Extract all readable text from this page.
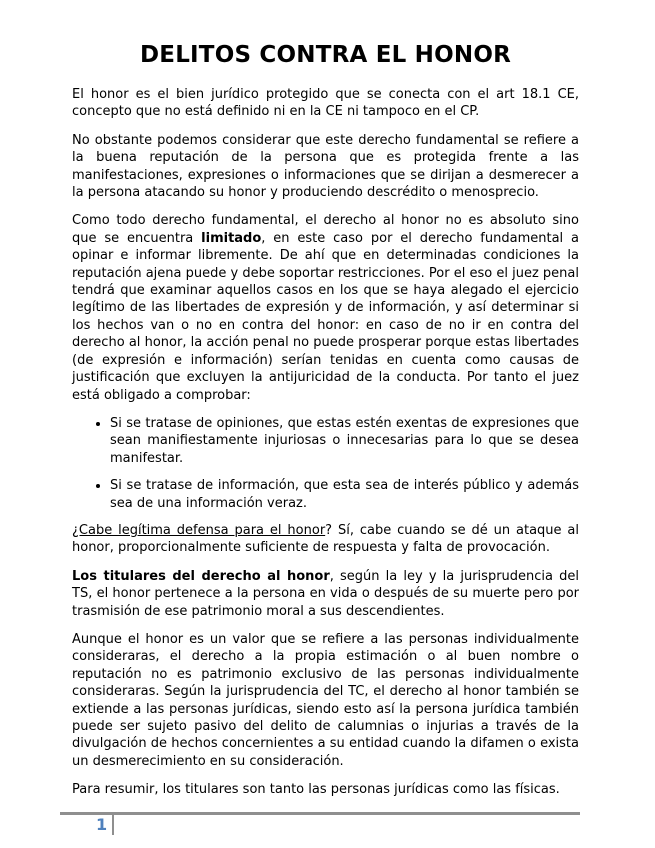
DELITOS CONTRA EL HONOR

El honor es el bien jurídico protegido que se conecta con el art 18.1 CE, concepto que no está definido ni en la CE ni tampoco en el CP.

No obstante podemos considerar que este derecho fundamental se refiere a la buena reputación de la persona que es protegida frente a las manifestaciones, expresiones o informaciones que se dirijan a desmerecer a la persona atacando su honor y produciendo descrédito o menosprecio.

Como todo derecho fundamental, el derecho al honor no es absoluto sino que se encuentra limitado, en este caso por el derecho fundamental a opinar e informar libremente. De ahí que en determinadas condiciones la reputación ajena puede y debe soportar restricciones. Por el eso el juez penal tendrá que examinar aquellos casos en los que se haya alegado el ejercicio legítimo de las libertades de expresión y de información, y así determinar si los hechos van o no en contra del honor: en caso de no ir en contra del derecho al honor, la acción penal no puede prosperar porque estas libertades (de expresión e información) serían tenidas en cuenta como causas de justificación que excluyen la antijuricidad de la conducta. Por tanto el juez está obligado a comprobar:

• Si se tratase de opiniones, que estas estén exentas de expresiones que sean manifiestamente injuriosas o innecesarias para lo que se desea manifestar.
• Si se tratase de información, que esta sea de interés público y además sea de una información veraz.

¿Cabe legítima defensa para el honor? Sí, cabe cuando se dé un ataque al honor, proporcionalmente suficiente de respuesta y falta de provocación.

Los titulares del derecho al honor, según la ley y la jurisprudencia del TS, el honor pertenece a la persona en vida o después de su muerte pero por trasmisión de ese patrimonio moral a sus descendientes.

Aunque el honor es un valor que se refiere a las personas individualmente consideraras, el derecho a la propia estimación o al buen nombre o reputación no es patrimonio exclusivo de las personas individualmente consideraras. Según la jurisprudencia del TC, el derecho al honor también se extiende a las personas jurídicas, siendo esto así la persona jurídica también puede ser sujeto pasivo del delito de calumnias o injurias a través de la divulgación de hechos concernientes a su entidad cuando la difamen o exista un desmerecimiento en su consideración.

Para resumir, los titulares son tanto las personas jurídicas como las físicas.

1
